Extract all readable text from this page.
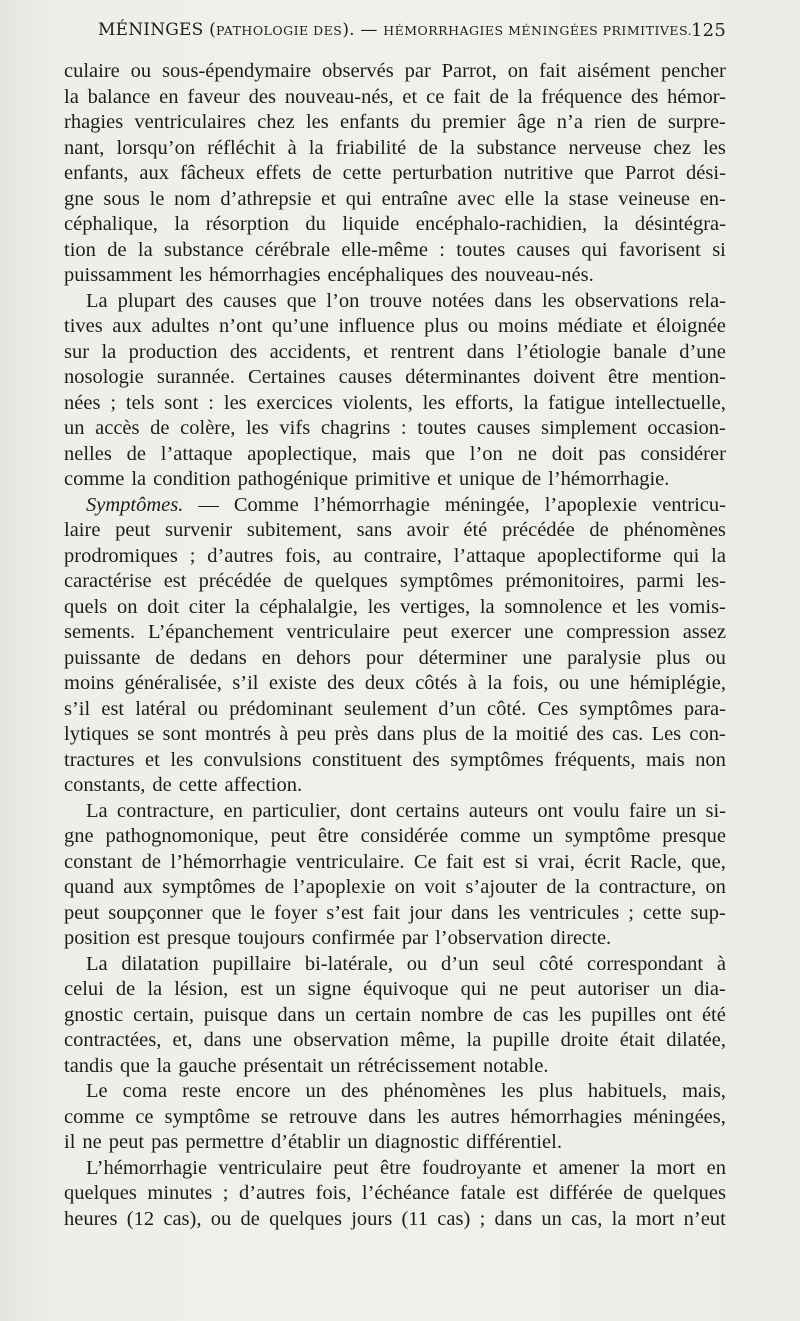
MÉNINGES (PATHOLOGIE DES). — HÉMORRHAGIES MÉNINGÉES PRIMITIVES.
125
culaire ou sous-épendymaire observés par Parrot, on fait aisément pencher
la balance en faveur des nouveau-nés, et ce fait de la fréquence des hémor-
rhagies ventriculaires chez les enfants du premier âge n’a rien de surpre-
nant, lorsqu’on réfléchit à la friabilité de la substance nerveuse chez les
enfants, aux fâcheux effets de cette perturbation nutritive que Parrot dési-
gne sous le nom d’athrepsie et qui entraîne avec elle la stase veineuse en-
céphalique, la résorption du liquide encéphalo-rachidien, la désintégra-
tion de la substance cérébrale elle-même : toutes causes qui favorisent si
puissamment les hémorrhagies encéphaliques des nouveau-nés.
La plupart des causes que l’on trouve notées dans les observations rela-
tives aux adultes n’ont qu’une influence plus ou moins médiate et éloignée
sur la production des accidents, et rentrent dans l’étiologie banale d’une
nosologie surannée. Certaines causes déterminantes doivent être mention-
nées ; tels sont : les exercices violents, les efforts, la fatigue intellectuelle,
un accès de colère, les vifs chagrins : toutes causes simplement occasion-
nelles de l’attaque apoplectique, mais que l’on ne doit pas considérer
comme la condition pathogénique primitive et unique de l’hémorrhagie.
Symptômes. — Comme l’hémorrhagie méningée, l’apoplexie ventricu-
laire peut survenir subitement, sans avoir été précédée de phénomènes
prodromiques ; d’autres fois, au contraire, l’attaque apoplectiforme qui la
caractérise est précédée de quelques symptômes prémonitoires, parmi les-
quels on doit citer la céphalalgie, les vertiges, la somnolence et les vomis-
sements. L’épanchement ventriculaire peut exercer une compression assez
puissante de dedans en dehors pour déterminer une paralysie plus ou
moins généralisée, s’il existe des deux côtés à la fois, ou une hémiplégie,
s’il est latéral ou prédominant seulement d’un côté. Ces symptômes para-
lytiques se sont montrés à peu près dans plus de la moitié des cas. Les con-
tractures et les convulsions constituent des symptômes fréquents, mais non
constants, de cette affection.
La contracture, en particulier, dont certains auteurs ont voulu faire un si-
gne pathognomonique, peut être considérée comme un symptôme presque
constant de l’hémorrhagie ventriculaire. Ce fait est si vrai, écrit Racle, que,
quand aux symptômes de l’apoplexie on voit s’ajouter de la contracture, on
peut soupçonner que le foyer s’est fait jour dans les ventricules ; cette sup-
position est presque toujours confirmée par l’observation directe.
La dilatation pupillaire bi-latérale, ou d’un seul côté correspondant à
celui de la lésion, est un signe équivoque qui ne peut autoriser un dia-
gnostic certain, puisque dans un certain nombre de cas les pupilles ont été
contractées, et, dans une observation même, la pupille droite était dilatée,
tandis que la gauche présentait un rétrécissement notable.
Le coma reste encore un des phénomènes les plus habituels, mais,
comme ce symptôme se retrouve dans les autres hémorrhagies méningées,
il ne peut pas permettre d’établir un diagnostic différentiel.
L’hémorrhagie ventriculaire peut être foudroyante et amener la mort en
quelques minutes ; d’autres fois, l’échéance fatale est différée de quelques
heures (12 cas), ou de quelques jours (11 cas) ; dans un cas, la mort n’eut
